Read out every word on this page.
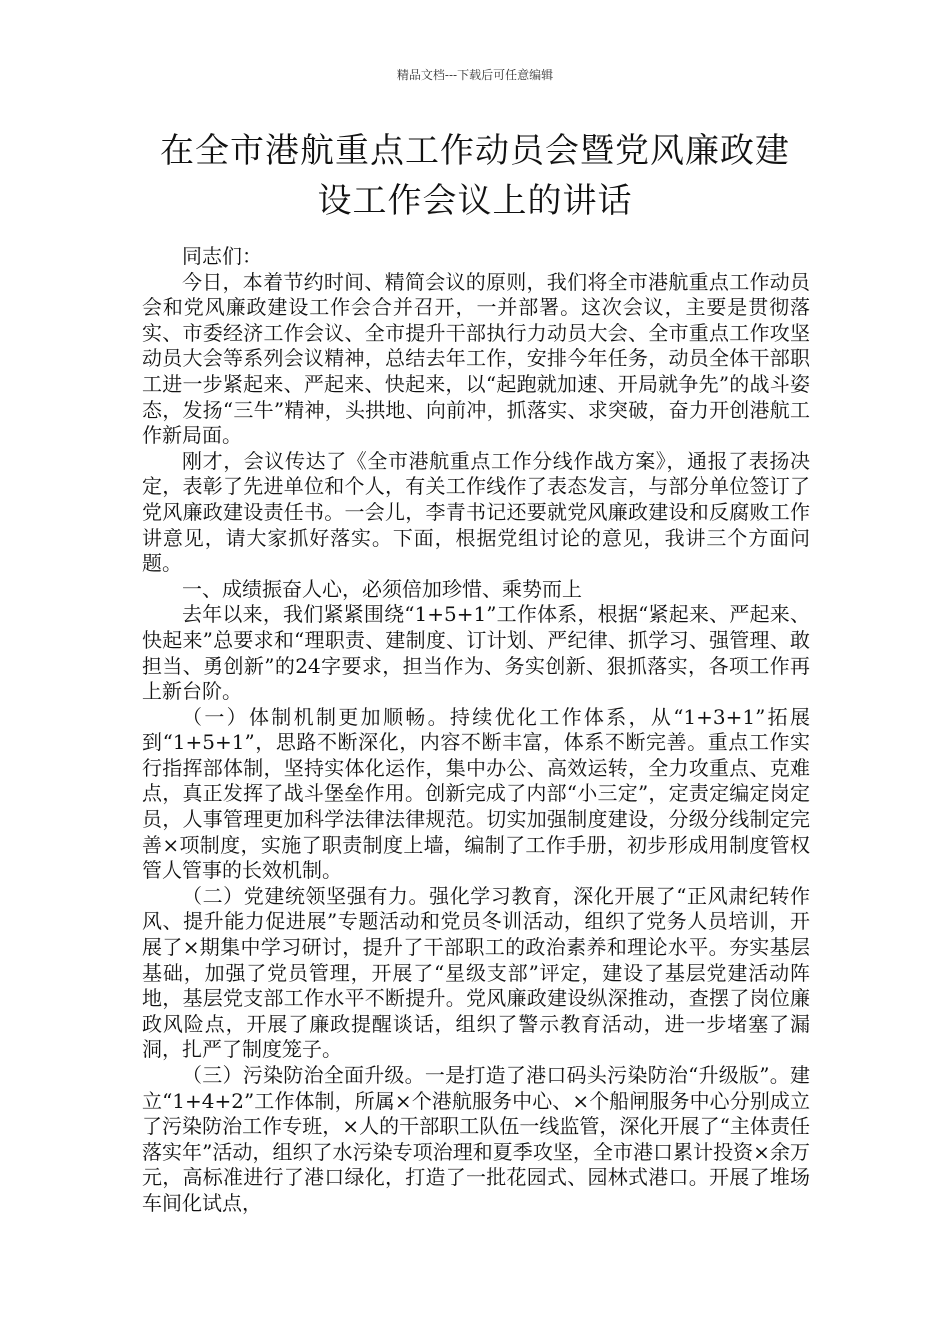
精品文档---下载后可任意编辑
在全市港航重点工作动员会暨党风廉政建
设工作会议上的讲话

同志们：

今日，本着节约时间、精简会议的原则，我们将全市港航重点工作动员会和党风廉政建设工作会合并召开，一并部署。这次会议，主要是贯彻落实、市委经济工作会议、全市提升干部执行力动员大会、全市重点工作攻坚动员大会等系列会议精神，总结去年工作，安排今年任务，动员全体干部职工进一步紧起来、严起来、快起来，以“起跑就加速、开局就争先”的战斗姿态，发扬“三牛”精神，头拱地、向前冲，抓落实、求突破，奋力开创港航工作新局面。

刚才，会议传达了《全市港航重点工作分线作战方案》，通报了表扬决定，表彰了先进单位和个人，有关工作线作了表态发言，与部分单位签订了党风廉政建设责任书。一会儿，李青书记还要就党风廉政建设和反腐败工作讲意见，请大家抓好落实。下面，根据党组讨论的意见，我讲三个方面问题。

一、成绩振奋人心，必须倍加珍惜、乘势而上

去年以来，我们紧紧围绕“1+5+1”工作体系，根据“紧起来、严起来、快起来”总要求和“理职责、建制度、订计划、严纪律、抓学习、强管理、敢担当、勇创新”的24字要求，担当作为、务实创新、狠抓落实，各项工作再上新台阶。

（一）体制机制更加顺畅。持续优化工作体系，从“1+3+1”拓展到“1+5+1”，思路不断深化，内容不断丰富，体系不断完善。重点工作实行指挥部体制，坚持实体化运作，集中办公、高效运转，全力攻重点、克难点，真正发挥了战斗堡垒作用。创新完成了内部“小三定”，定责定编定岗定员，人事管理更加科学法律法律规范。切实加强制度建设，分级分线制定完善×项制度，实施了职责制度上墙，编制了工作手册，初步形成用制度管权管人管事的长效机制。

（二）党建统领坚强有力。强化学习教育，深化开展了“正风肃纪转作风、提升能力促进展”专题活动和党员冬训活动，组织了党务人员培训，开展了×期集中学习研讨，提升了干部职工的政治素养和理论水平。夯实基层基础，加强了党员管理，开展了“星级支部”评定，建设了基层党建活动阵地，基层党支部工作水平不断提升。党风廉政建设纵深推动，查摆了岗位廉政风险点，开展了廉政提醒谈话，组织了警示教育活动，进一步堵塞了漏洞，扎严了制度笼子。

（三）污染防治全面升级。一是打造了港口码头污染防治“升级版”。建立“1+4+2”工作体制，所属×个港航服务中心、×个船闸服务中心分别成立了污染防治工作专班，×人的干部职工队伍一线监管，深化开展了“主体责任落实年”活动，组织了水污染专项治理和夏季攻坚，全市港口累计投资×余万元，高标准进行了港口绿化，打造了一批花园式、园林式港口。开展了堆场车间化试点，
